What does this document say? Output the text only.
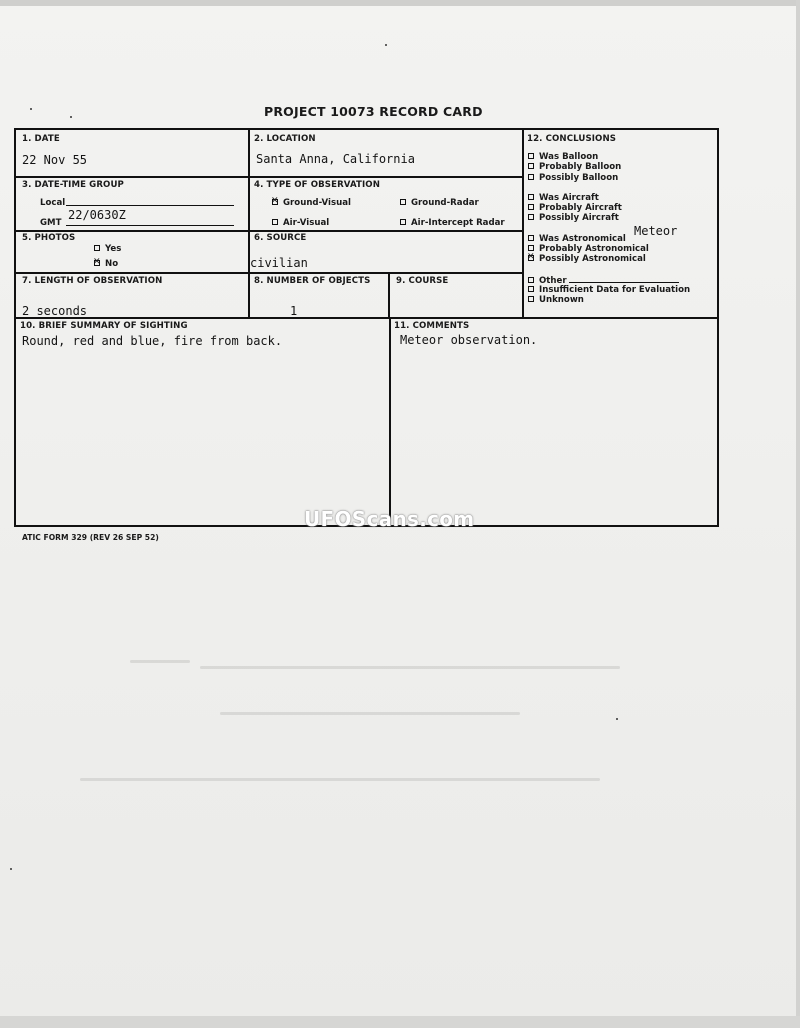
PROJECT 10073 RECORD CARD
1. DATE
22 Nov 55
2. LOCATION
Santa Anna, California
3. DATE-TIME GROUP
Local
GMT
22/0630Z
4. TYPE OF OBSERVATION
✕Ground-Visual	Ground-Radar
Air-Visual	Air-Intercept Radar
5. PHOTOS
Yes
✕No
6. SOURCE
civilian
7. LENGTH OF OBSERVATION
2 seconds
8. NUMBER OF OBJECTS
1
9. COURSE
10. BRIEF SUMMARY OF SIGHTING
Round, red and blue, fire from back.
11. COMMENTS
Meteor observation.
12. CONCLUSIONS
Was Balloon
Probably Balloon
Possibly Balloon
Was Aircraft
Probably Aircraft
Possibly Aircraft
Was Astronomical
Probably Astronomical
✕Possibly Astronomical
Other
Insufficient Data for Evaluation
Unknown
Meteor
ATIC FORM 329 (REV 26 SEP 52)
UFOScans.com
